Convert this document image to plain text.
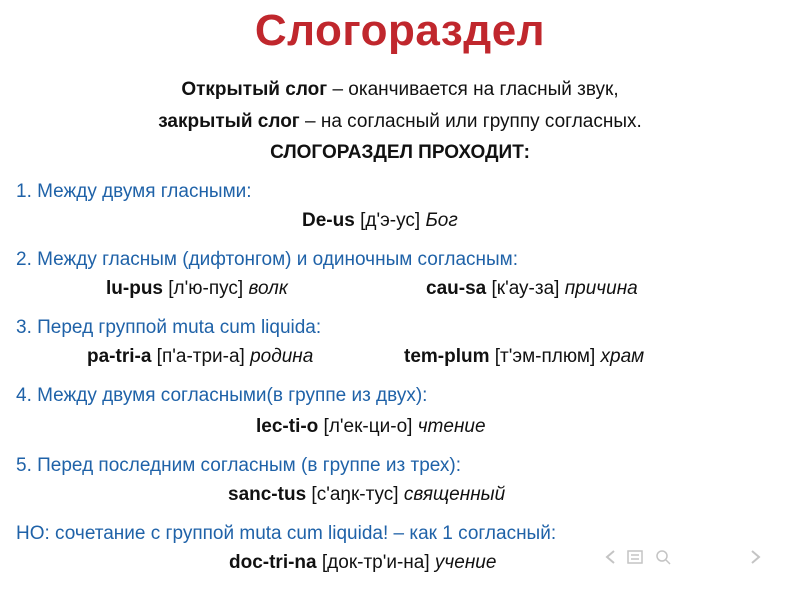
Слогораздел
Открытый слог – оканчивается на гласный звук,
закрытый слог – на согласный или группу согласных.
СЛОГОРАЗДЕЛ ПРОХОДИТ:
1. Между двумя гласными:
De-us [д'э-ус] Бог
2. Между гласным (дифтонгом) и одиночным согласным:
lu-pus [л'ю-пус] волк	cau-sa [к'ау-за] причина
3. Перед группой muta cum liquida:
pa-tri-a [п'а-три-а] родина	tem-plum [т'эм-плюм] храм
4. Между двумя согласными(в группе из двух):
lec-ti-o [л'ек-ци-о] чтение
5. Перед последним согласным (в группе из трех):
sanc-tus [с'аŋк-тус] священный
НО: сочетание с группой muta cum liquida! – как 1 согласный:
doc-tri-na [док-тр'и-на] учение
